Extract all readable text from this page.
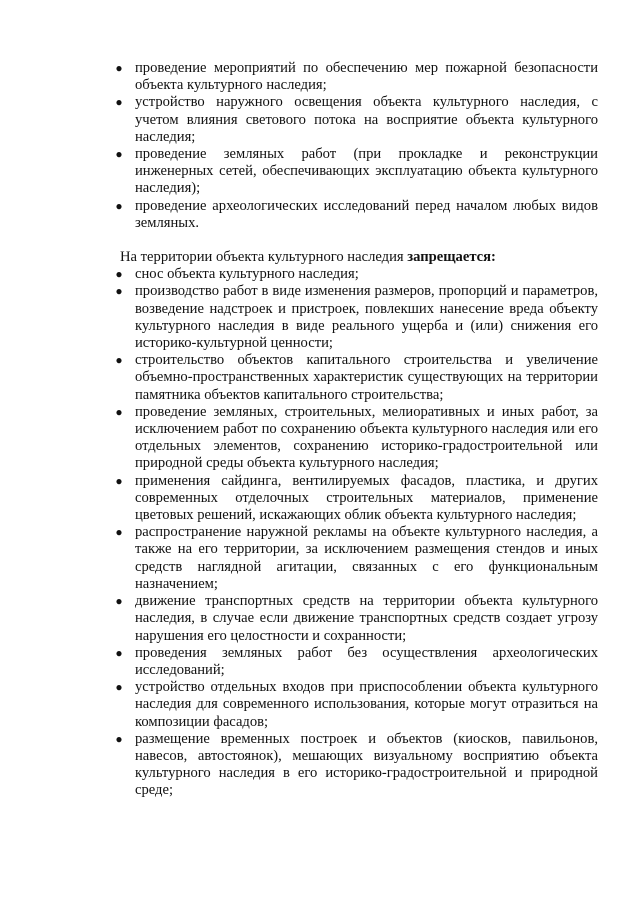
● проведение мероприятий по обеспечению мер пожарной безопасности объекта культурного наследия;
● устройство наружного освещения объекта культурного наследия, с учетом влияния светового потока на восприятие объекта культурного наследия;
● проведение земляных работ (при прокладке и реконструкции инженерных сетей, обеспечивающих эксплуатацию объекта культурного наследия);
● проведение археологических исследований перед началом любых видов земляных.
На территории объекта культурного наследия запрещается:
● снос объекта культурного наследия;
● производство работ в виде изменения размеров, пропорций и параметров, возведение надстроек и пристроек, повлекших нанесение вреда объекту культурного наследия в виде реального ущерба и (или) снижения его историко-культурной ценности;
● строительство объектов капитального строительства и увеличение объемно-пространственных характеристик существующих на территории памятника объектов капитального строительства;
● проведение земляных, строительных, мелиоративных и иных работ, за исключением работ по сохранению объекта культурного наследия или его отдельных элементов, сохранению историко-градостроительной или природной среды объекта культурного наследия;
● применения сайдинга, вентилируемых фасадов, пластика, и других современных отделочных строительных материалов, применение цветовых решений, искажающих облик объекта культурного наследия;
● распространение наружной рекламы на объекте культурного наследия, а также на его территории, за исключением размещения стендов и иных средств наглядной агитации, связанных с его функциональным назначением;
● движение транспортных средств на территории объекта культурного наследия, в случае если движение транспортных средств создает угрозу нарушения его целостности и сохранности;
● проведения земляных работ без осуществления археологических исследований;
● устройство отдельных входов при приспособлении объекта культурного наследия для современного использования, которые могут отразиться на композиции фасадов;
● размещение временных построек и объектов (киосков, павильонов, навесов, автостоянок), мешающих визуальному восприятию объекта культурного наследия в его историко-градостроительной и природной среде;
